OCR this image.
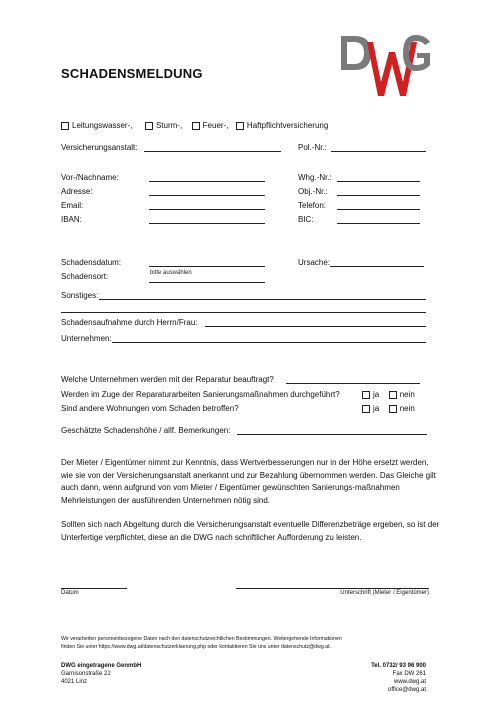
SCHADENSMELDUNG
Leitungswasser-,	Sturm-,	Feuer-, Haftpflichtversicherung
Versicherungsanstalt:	Pol.-Nr.:
Vor-/Nachname:	Whg.-Nr.:
Adresse:	Obj.-Nr.:
Email:	Telefon:
IBAN:	BIC:
Schadensdatum:	Ursache:
Schadensort:	bitte auswählen
Sonstiges:
Schadensaufnahme durch Herrn/Frau:
Unternehmen:
Welche Unternehmen werden mit der Reparatur beauftragt?
Werden im Zuge der Reparaturarbeiten Sanierungsmaßnahmen durchgeführt?	ja	nein
Sind andere Wohnungen vom Schaden betroffen?	ja	nein
Geschätzte Schadenshöhe / allf. Bemerkungen:
Der Mieter / Eigentümer nimmt zur Kenntnis, dass Wertverbesserungen nur in der Höhe ersetzt werden, wie sie von der Versicherungsanstalt anerkannt und zur Bezahlung übernommen werden. Das Gleiche gilt auch dann, wenn aufgrund von vom Mieter / Eigentümer gewünschten Sanierungs-maßnahmen Mehrleistungen der ausführenden Unternehmen nötig sind.
Sollten sich nach Abgeltung durch die Versicherungsanstalt eventuelle Differenzbeträge ergeben, so ist der Unterfertige verpflichtet, diese an die DWG nach schriftlicher Aufforderung zu leisten.
Datum	Unterschrift (Mieter / Eigentümer)
Wir verarbeiten personenbezogene Daten nach den datenschutzrechtlichen Bestimmungen. Weitergehende Informationen
finden Sie unter https://www.dwg.at/datenschutzerklaerung.php oder kontaktieren Sie uns unter datenschutz@dwg.at.
DWG eingetragene GenmbH
Garnisonstraße 22
4021 Linz
Tel. 0732/ 93 96 900
Fax DW 261
www.dwg.at
office@dwg.at
